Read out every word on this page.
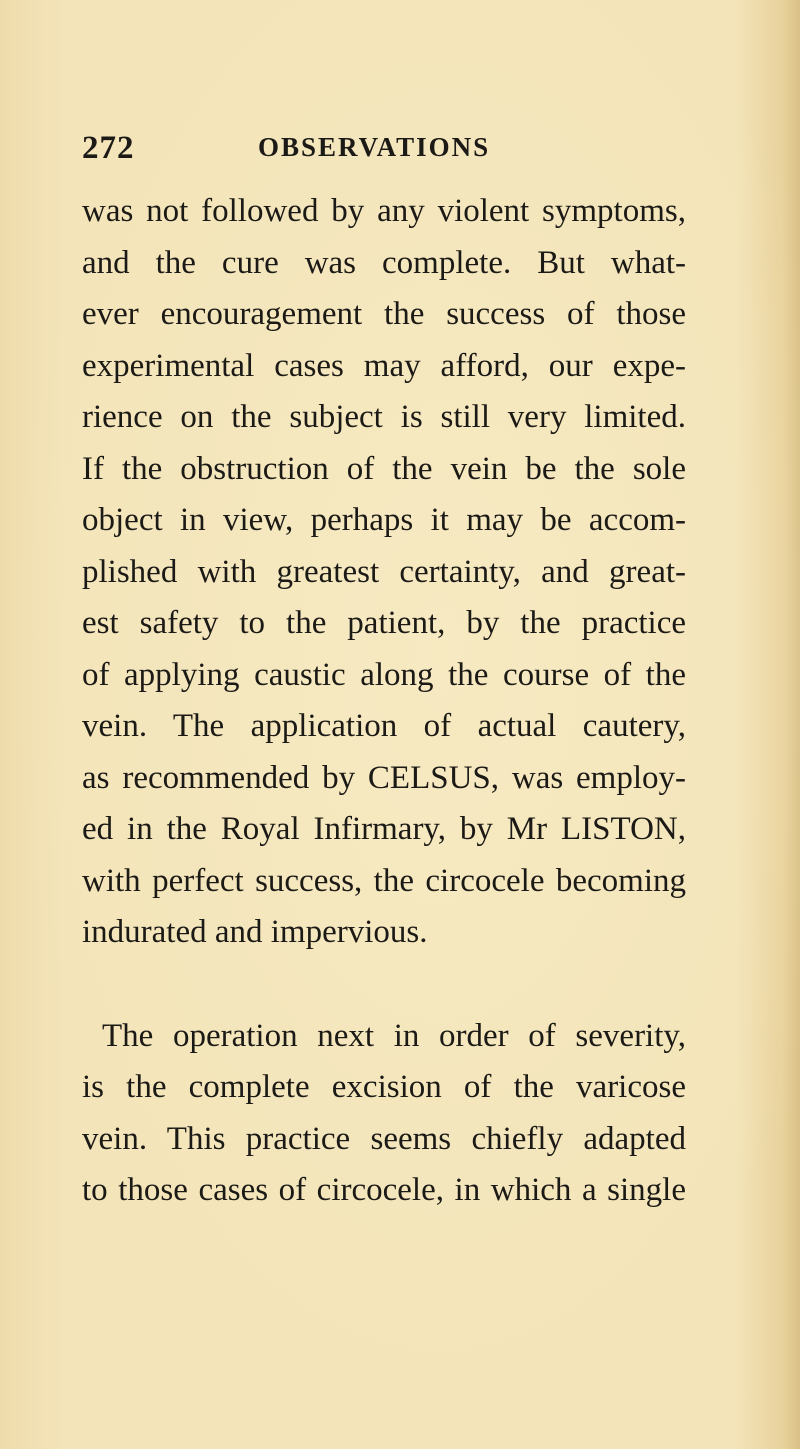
272	OBSERVATIONS
was not followed by any violent symptoms,
and the cure was complete. But what-
ever encouragement the success of those
experimental cases may afford, our expe-
rience on the subject is still very limited.
If the obstruction of the vein be the sole
object in view, perhaps it may be accom-
plished with greatest certainty, and great-
est safety to the patient, by the practice
of applying caustic along the course of the
vein. The application of actual cautery,
as recommended by CELSUS, was employ-
ed in the Royal Infirmary, by Mr LISTON,
with perfect success, the circocele becoming
indurated and impervious.
The operation next in order of severity,
is the complete excision of the varicose
vein. This practice seems chiefly adapted
to those cases of circocele, in which a single
